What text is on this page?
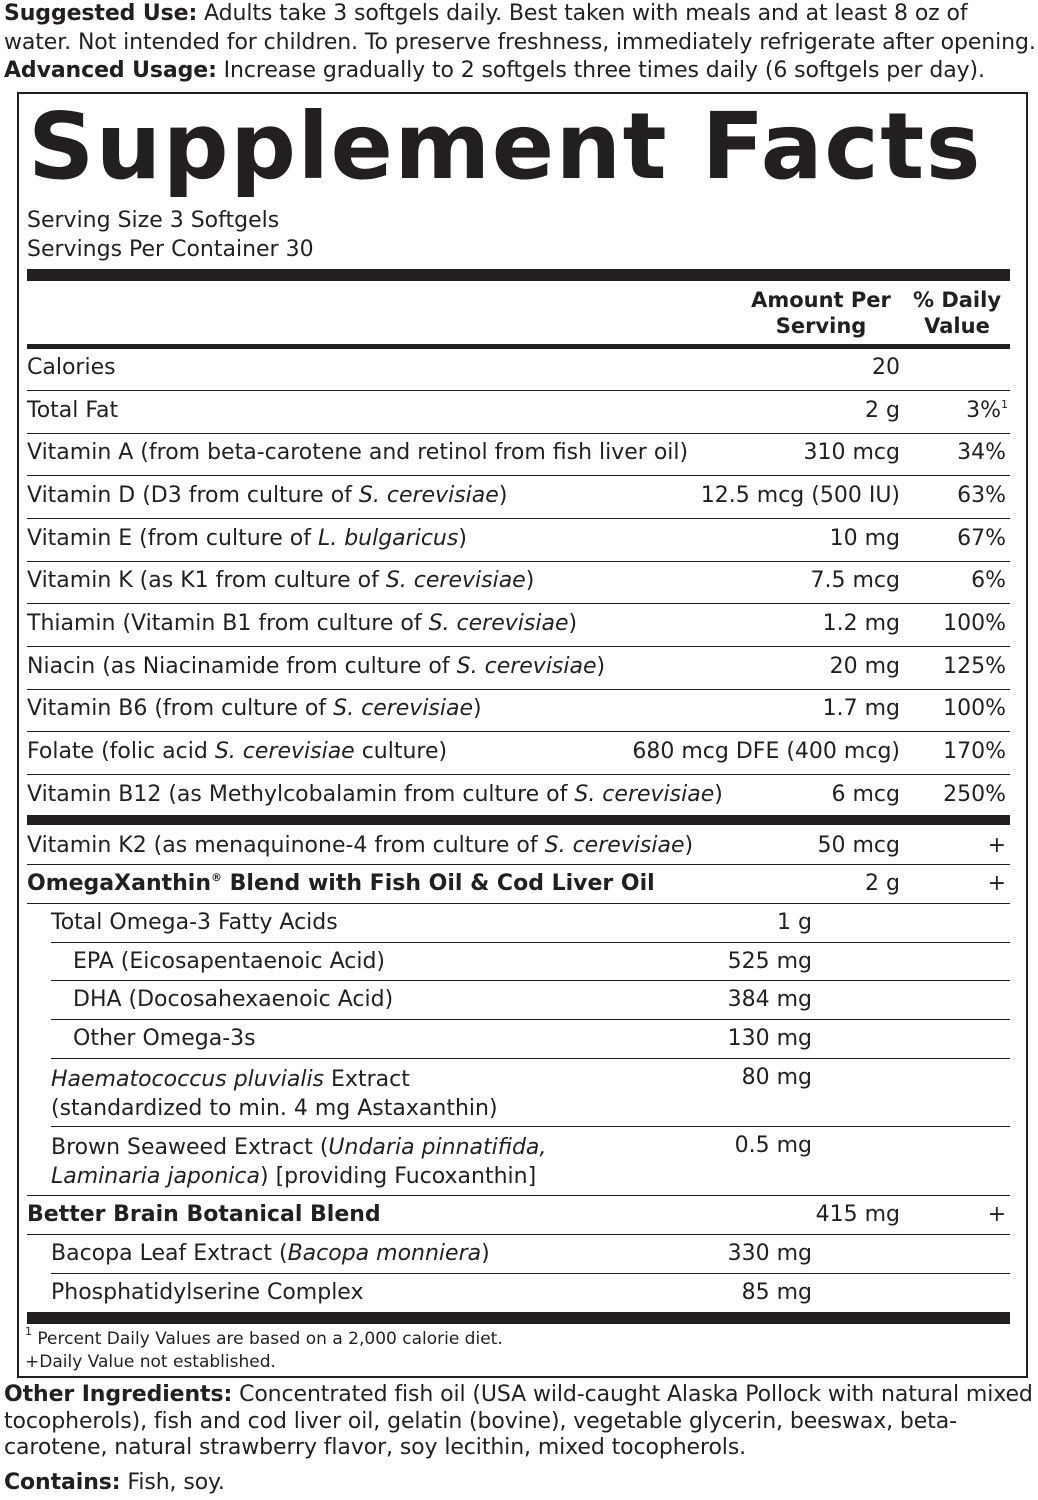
Suggested Use: Adults take 3 softgels daily. Best taken with meals and at least 8 oz of water. Not intended for children. To preserve freshness, immediately refrigerate after opening.
Advanced Usage: Increase gradually to 2 softgels three times daily (6 softgels per day).
Supplement Facts
Serving Size 3 Softgels
Servings Per Container 30
Amount Per
Serving
% Daily
Value
Calories	20
Total Fat	2 g	3%$^1$
Vitamin A (from beta-carotene and retinol from fish liver oil)	310 mcg	34%
Vitamin D (D3 from culture of S. cerevisiae)	12.5 mcg (500 IU)	63%
Vitamin E (from culture of L. bulgaricus)	10 mg	67%
Vitamin K (as K1 from culture of S. cerevisiae)	7.5 mcg	6%
Thiamin (Vitamin B1 from culture of S. cerevisiae)	1.2 mg 100%
Niacin (as Niacinamide from culture of S. cerevisiae)	20 mg 125%
Vitamin B6 (from culture of S. cerevisiae)	1.7 mg 100%
Folate (folic acid S. cerevisiae culture)	680 mcg DFE (400 mcg) 170%
Vitamin B12 (as Methylcobalamin from culture of S. cerevisiae)	6 mcg 250%
Vitamin K2 (as menaquinone-4 from culture of S. cerevisiae)	50 mcg	+
OmegaXanthin® Blend with Fish Oil & Cod Liver Oil	2 g	+
Total Omega-3 Fatty Acids	1 g
EPA (Eicosapentaenoic Acid)	525 mg
DHA (Docosahexaenoic Acid)	384 mg
Other Omega-3s	130 mg
Haematococcus pluvialis Extract
(standardized to min. 4 mg Astaxanthin)
80 mg
Brown Seaweed Extract (Undaria pinnatifida,
Laminaria japonica) [providing Fucoxanthin]
0.5 mg
Better Brain Botanical Blend	415 mg	+
Bacopa Leaf Extract (Bacopa monniera)	330 mg
Phosphatidylserine Complex	85 mg
$^1$ Percent Daily Values are based on a 2,000 calorie diet.
+Daily Value not established.
Other Ingredients: Concentrated fish oil (USA wild-caught Alaska Pollock with natural mixed tocopherols), fish and cod liver oil, gelatin (bovine), vegetable glycerin, beeswax, beta-carotene, natural strawberry flavor, soy lecithin, mixed tocopherols.
Contains: Fish, soy.
